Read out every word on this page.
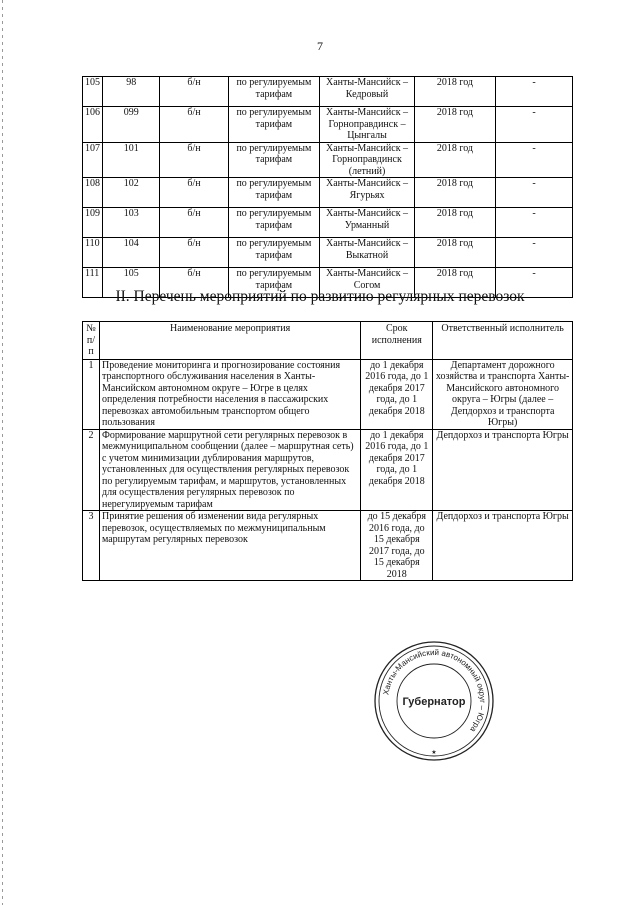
7
105	98	б/н	по регулируемым тарифам	Ханты-Мансийск – Кедровый	2018 год	-
106	099	б/н	по регулируемым тарифам	Ханты-Мансийск – Горноправдинск – Цынгалы	2018 год	-
107	101	б/н	по регулируемым тарифам	Ханты-Мансийск – Горноправдинск (летний)	2018 год	-
108	102	б/н	по регулируемым тарифам	Ханты-Мансийск – Ягурьях	2018 год	-
109	103	б/н	по регулируемым тарифам	Ханты-Мансийск – Урманный	2018 год	-
110	104	б/н	по регулируемым тарифам	Ханты-Мансийск – Выкатной	2018 год	-
111	105	б/н	по регулируемым тарифам	Ханты-Мансийск – Согом	2018 год	-
II. Перечень мероприятий по развитию регулярных перевозок
№ п/п	Наименование мероприятия	Срок исполнения	Ответственный исполнитель
1	Проведение мониторинга и прогнозирование состояния транспортного обслуживания населения в Ханты-Мансийском автономном округе – Югре в целях определения потребности населения в пассажирских перевозках автомобильным транспортом общего пользования	до 1 декабря 2016 года, до 1 декабря 2017 года, до 1 декабря 2018	Департамент дорожного хозяйства и транспорта Ханты-Мансийского автономного округа – Югры (далее – Депдорхоз и транспорта Югры)
2	Формирование маршрутной сети регулярных перевозок в межмуниципальном сообщении (далее – маршрутная сеть) с учетом минимизации дублирования маршрутов, установленных для осуществления регулярных перевозок по регулируемым тарифам, и маршрутов, установленных для осуществления регулярных перевозок по нерегулируемым тарифам	до 1 декабря 2016 года, до 1 декабря 2017 года, до 1 декабря 2018	Депдорхоз и транспорта Югры
3	Принятие решения об изменении вида регулярных перевозок, осуществляемых по межмуниципальным маршрутам регулярных перевозок	до 15 декабря 2016 года, до 15 декабря 2017 года, до 15 декабря 2018	Депдорхоз и транспорта Югры
Ханты-Мансийский автономный округ – Югра
Губернатор
★
